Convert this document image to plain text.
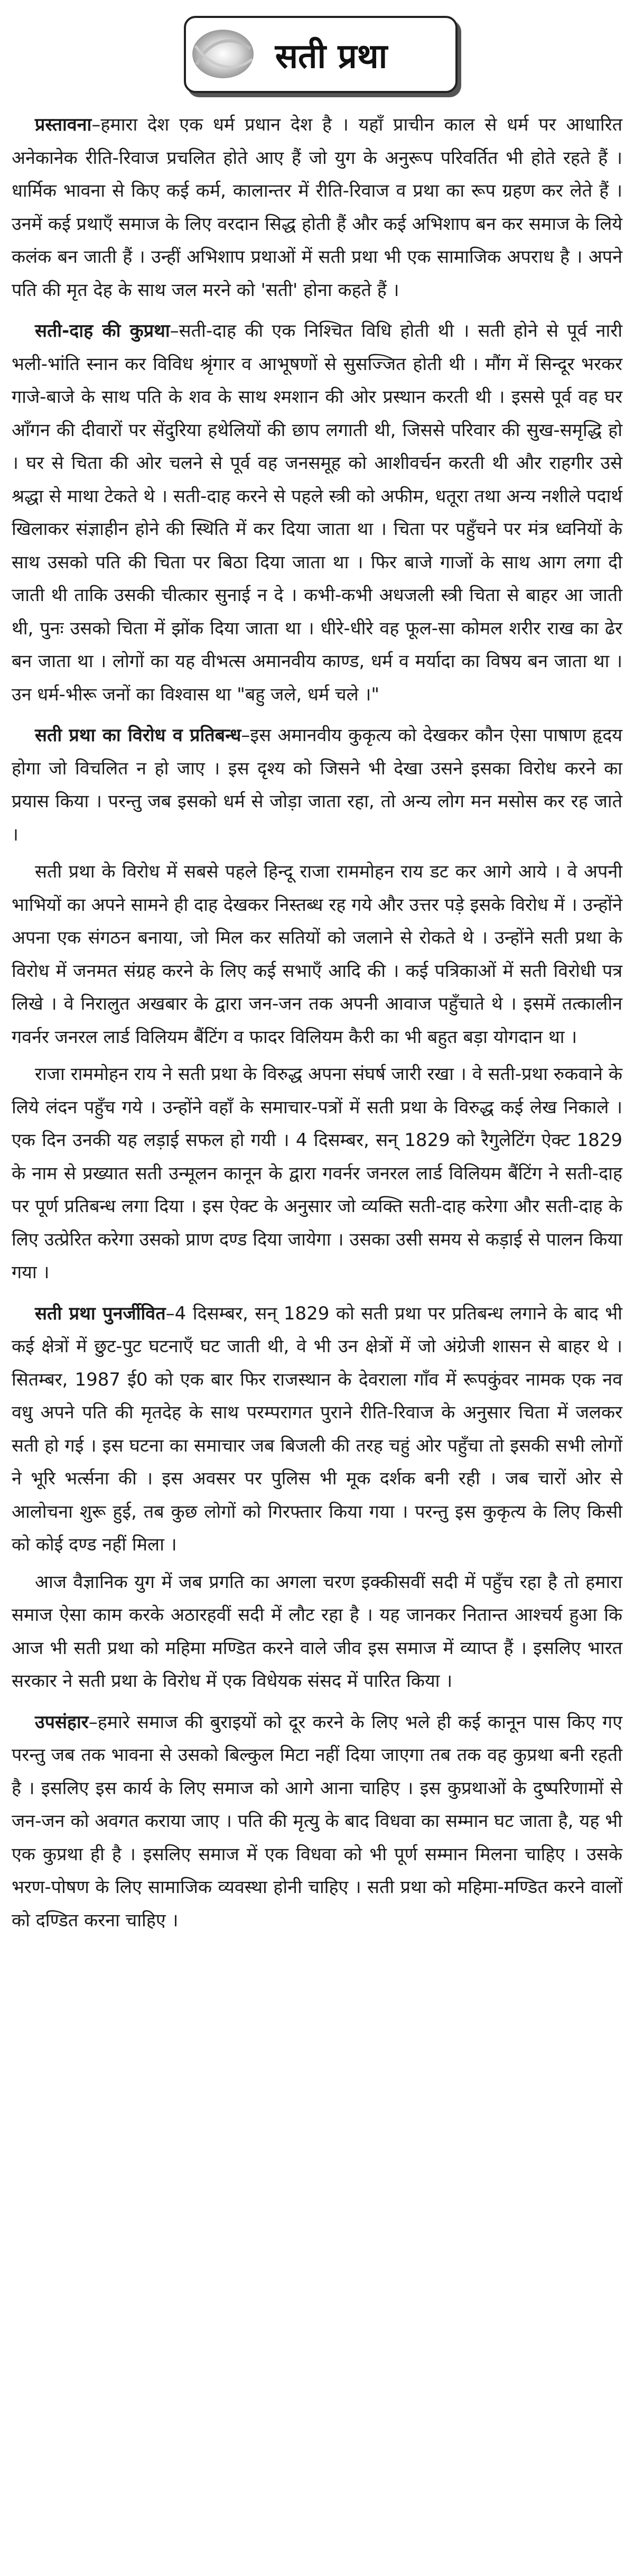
सती प्रथा

प्रस्तावना–हमारा देश एक धर्म प्रधान देश है । यहाँ प्राचीन काल से धर्म पर आधारित अनेकानेक रीति-रिवाज प्रचलित होते आए हैं जो युग के अनुरूप परिवर्तित भी होते रहते हैं । धार्मिक भावना से किए कई कर्म, कालान्तर में रीति-रिवाज व प्रथा का रूप ग्रहण कर लेते हैं । उनमें कई प्रथाएँ समाज के लिए वरदान सिद्ध होती हैं और कई अभिशाप बन कर समाज के लिये कलंक बन जाती हैं । उन्हीं अभिशाप प्रथाओं में सती प्रथा भी एक सामाजिक अपराध है । अपने पति की मृत देह के साथ जल मरने को 'सती' होना कहते हैं ।

सती-दाह की कुप्रथा–सती-दाह की एक निश्चित विधि होती थी । सती होने से पूर्व नारी भली-भांति स्नान कर विविध श्रृंगार व आभूषणों से सुसज्जित होती थी । मौंग में सिन्दूर भरकर गाजे-बाजे के साथ पति के शव के साथ श्मशान की ओर प्रस्थान करती थी । इससे पूर्व वह घर आँगन की दीवारों पर सेंदुरिया हथेलियों की छाप लगाती थी, जिससे परिवार की सुख-समृद्धि हो । घर से चिता की ओर चलने से पूर्व वह जनसमूह को आशीवर्चन करती थी और राहगीर उसे श्रद्धा से माथा टेकते थे । सती-दाह करने से पहले स्त्री को अफीम, धतूरा तथा अन्य नशीले पदार्थ खिलाकर संज्ञाहीन होने की स्थिति में कर दिया जाता था । चिता पर पहुँचने पर मंत्र ध्वनियों के साथ उसको पति की चिता पर बिठा दिया जाता था । फिर बाजे गाजों के साथ आग लगा दी जाती थी ताकि उसकी चीत्कार सुनाई न दे । कभी-कभी अधजली स्त्री चिता से बाहर आ जाती थी, पुनः उसको चिता में झोंक दिया जाता था । धीरे-धीरे वह फूल-सा कोमल शरीर राख का ढेर बन जाता था । लोगों का यह वीभत्स अमानवीय काण्ड, धर्म व मर्यादा का विषय बन जाता था । उन धर्म-भीरू जनों का विश्वास था "बहु जले, धर्म चले ।"

सती प्रथा का विरोध व प्रतिबन्ध–इस अमानवीय कुकृत्य को देखकर कौन ऐसा पाषाण हृदय होगा जो विचलित न हो जाए । इस दृश्य को जिसने भी देखा उसने इसका विरोध करने का प्रयास किया । परन्तु जब इसको धर्म से जोड़ा जाता रहा, तो अन्य लोग मन मसोस कर रह जाते ।

सती प्रथा के विरोध में सबसे पहले हिन्दू राजा राममोहन राय डट कर आगे आये । वे अपनी भाभियों का अपने सामने ही दाह देखकर निस्तब्ध रह गये और उत्तर पड़े इसके विरोध में । उन्होंने अपना एक संगठन बनाया, जो मिल कर सतियों को जलाने से रोकते थे । उन्होंने सती प्रथा के विरोध में जनमत संग्रह करने के लिए कई सभाएँ आदि की । कई पत्रिकाओं में सती विरोधी पत्र लिखे । वे निरालुत अखबार के द्वारा जन-जन तक अपनी आवाज पहुँचाते थे । इसमें तत्कालीन गवर्नर जनरल लार्ड विलियम बैंटिंग व फादर विलियम कैरी का भी बहुत बड़ा योगदान था ।

राजा राममोहन राय ने सती प्रथा के विरुद्ध अपना संघर्ष जारी रखा । वे सती-प्रथा रुकवाने के लिये लंदन पहुँच गये । उन्होंने वहाँ के समाचार-पत्रों में सती प्रथा के विरुद्ध कई लेख निकाले । एक दिन उनकी यह लड़ाई सफल हो गयी । 4 दिसम्बर, सन् 1829 को रैगुलेटिंग ऐक्ट 1829 के नाम से प्रख्यात सती उन्मूलन कानून के द्वारा गवर्नर जनरल लार्ड विलियम बैंटिंग ने सती-दाह पर पूर्ण प्रतिबन्ध लगा दिया । इस ऐक्ट के अनुसार जो व्यक्ति सती-दाह करेगा और सती-दाह के लिए उत्प्रेरित करेगा उसको प्राण दण्ड दिया जायेगा । उसका उसी समय से कड़ाई से पालन किया गया ।

सती प्रथा पुनर्जीवित–4 दिसम्बर, सन् 1829 को सती प्रथा पर प्रतिबन्ध लगाने के बाद भी कई क्षेत्रों में छुट-पुट घटनाएँ घट जाती थी, वे भी उन क्षेत्रों में जो अंग्रेजी शासन से बाहर थे । सितम्बर, 1987 ई0 को एक बार फिर राजस्थान के देवराला गाँव में रूपकुंवर नामक एक नव वधु अपने पति की मृतदेह के साथ परम्परागत पुराने रीति-रिवाज के अनुसार चिता में जलकर सती हो गई । इस घटना का समाचार जब बिजली की तरह चहुं ओर पहुँचा तो इसकी सभी लोगों ने भूरि भर्त्सना की । इस अवसर पर पुलिस भी मूक दर्शक बनी रही । जब चारों ओर से आलोचना शुरू हुई, तब कुछ लोगों को गिरफ्तार किया गया । परन्तु इस कुकृत्य के लिए किसी को कोई दण्ड नहीं मिला ।

आज वैज्ञानिक युग में जब प्रगति का अगला चरण इक्कीसवीं सदी में पहुँच रहा है तो हमारा समाज ऐसा काम करके अठारहवीं सदी में लौट रहा है । यह जानकर नितान्त आश्चर्य हुआ कि आज भी सती प्रथा को महिमा मण्डित करने वाले जीव इस समाज में व्याप्त हैं । इसलिए भारत सरकार ने सती प्रथा के विरोध में एक विधेयक संसद में पारित किया ।

उपसंहार–हमारे समाज की बुराइयों को दूर करने के लिए भले ही कई कानून पास किए गए परन्तु जब तक भावना से उसको बिल्कुल मिटा नहीं दिया जाएगा तब तक वह कुप्रथा बनी रहती है । इसलिए इस कार्य के लिए समाज को आगे आना चाहिए । इस कुप्रथाओं के दुष्परिणामों से जन-जन को अवगत कराया जाए । पति की मृत्यु के बाद विधवा का सम्मान घट जाता है, यह भी एक कुप्रथा ही है । इसलिए समाज में एक विधवा को भी पूर्ण सम्मान मिलना चाहिए । उसके भरण-पोषण के लिए सामाजिक व्यवस्था होनी चाहिए । सती प्रथा को महिमा-मण्डित करने वालों को दण्डित करना चाहिए ।
